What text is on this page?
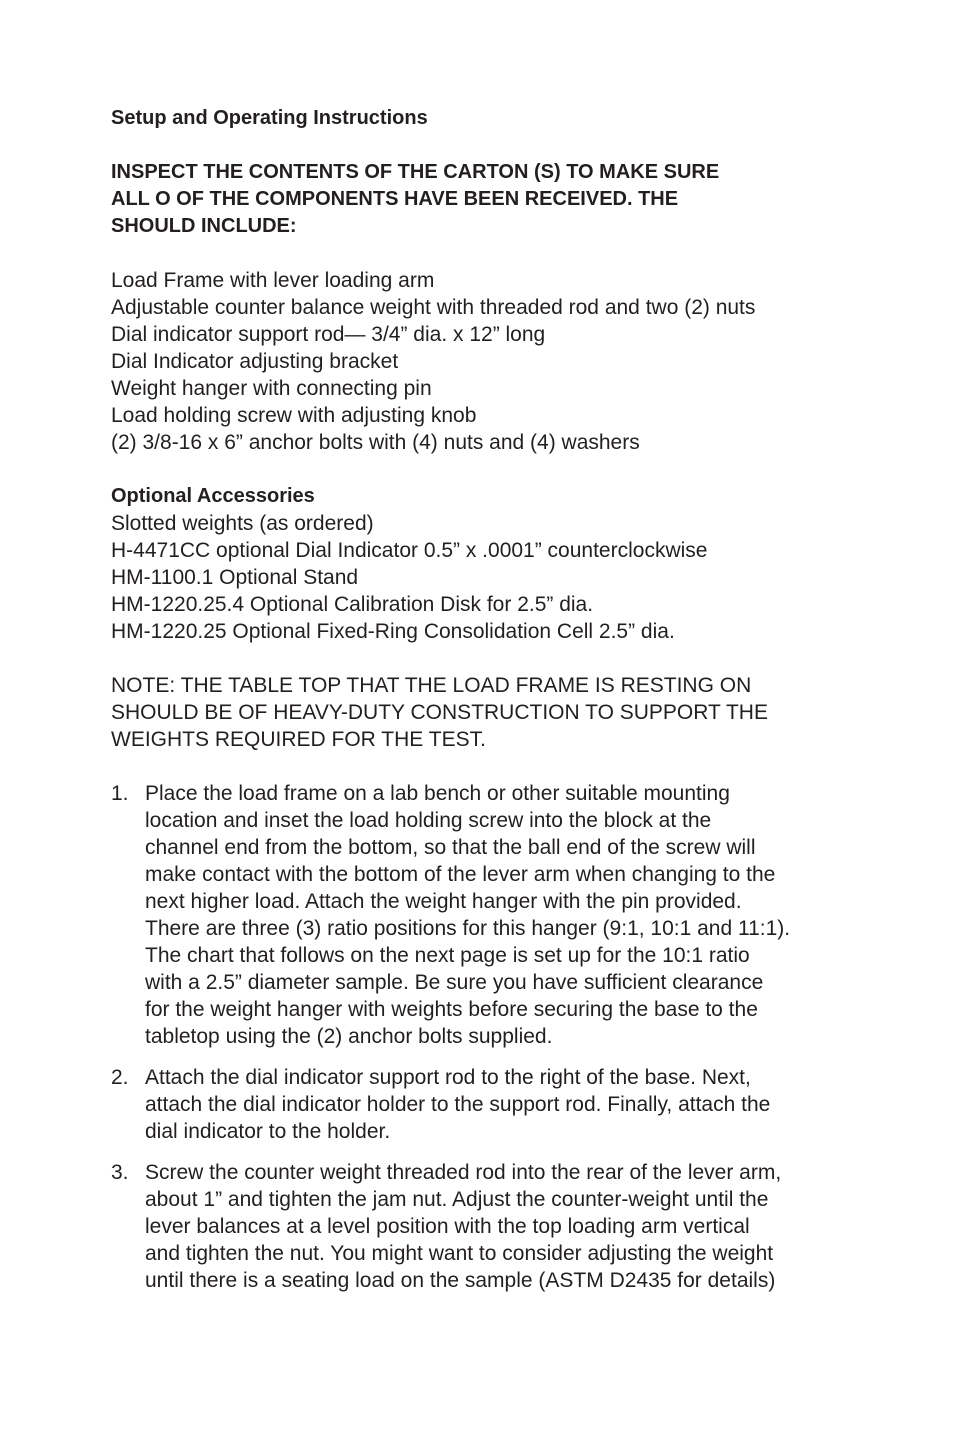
Setup and Operating Instructions

INSPECT THE CONTENTS OF THE CARTON (S) TO MAKE SURE
ALL O OF THE COMPONENTS HAVE BEEN RECEIVED. THE
SHOULD INCLUDE:

Load Frame with lever loading arm
Adjustable counter balance weight with threaded rod and two (2) nuts
Dial indicator support rod— 3/4” dia. x 12” long
Dial Indicator adjusting bracket
Weight hanger with connecting pin
Load holding screw with adjusting knob
(2) 3/8-16 x 6” anchor bolts with (4) nuts and (4) washers
Optional Accessories
Slotted weights (as ordered)
H-4471CC optional Dial Indicator 0.5” x .0001” counterclockwise
HM-1100.1 Optional Stand
HM-1220.25.4 Optional Calibration Disk for 2.5” dia.
HM-1220.25 Optional Fixed-Ring Consolidation Cell 2.5” dia.
NOTE: THE TABLE TOP THAT THE LOAD FRAME IS RESTING ON
SHOULD BE OF HEAVY-DUTY CONSTRUCTION TO SUPPORT THE
WEIGHTS REQUIRED FOR THE TEST.
1. Place the load frame on a lab bench or other suitable mounting
location and inset the load holding screw into the block at the
channel end from the bottom, so that the ball end of the screw will
make contact with the bottom of the lever arm when changing to the
next higher load. Attach the weight hanger with the pin provided.
There are three (3) ratio positions for this hanger (9:1, 10:1 and 11:1).
The chart that follows on the next page is set up for the 10:1 ratio
with a 2.5” diameter sample. Be sure you have sufficient clearance
for the weight hanger with weights before securing the base to the
tabletop using the (2) anchor bolts supplied.
2. Attach the dial indicator support rod to the right of the base. Next,
attach the dial indicator holder to the support rod. Finally, attach the
dial indicator to the holder.
3. Screw the counter weight threaded rod into the rear of the lever arm,
about 1” and tighten the jam nut. Adjust the counter-weight until the
lever balances at a level position with the top loading arm vertical
and tighten the nut. You might want to consider adjusting the weight
until there is a seating load on the sample (ASTM D2435 for details)
